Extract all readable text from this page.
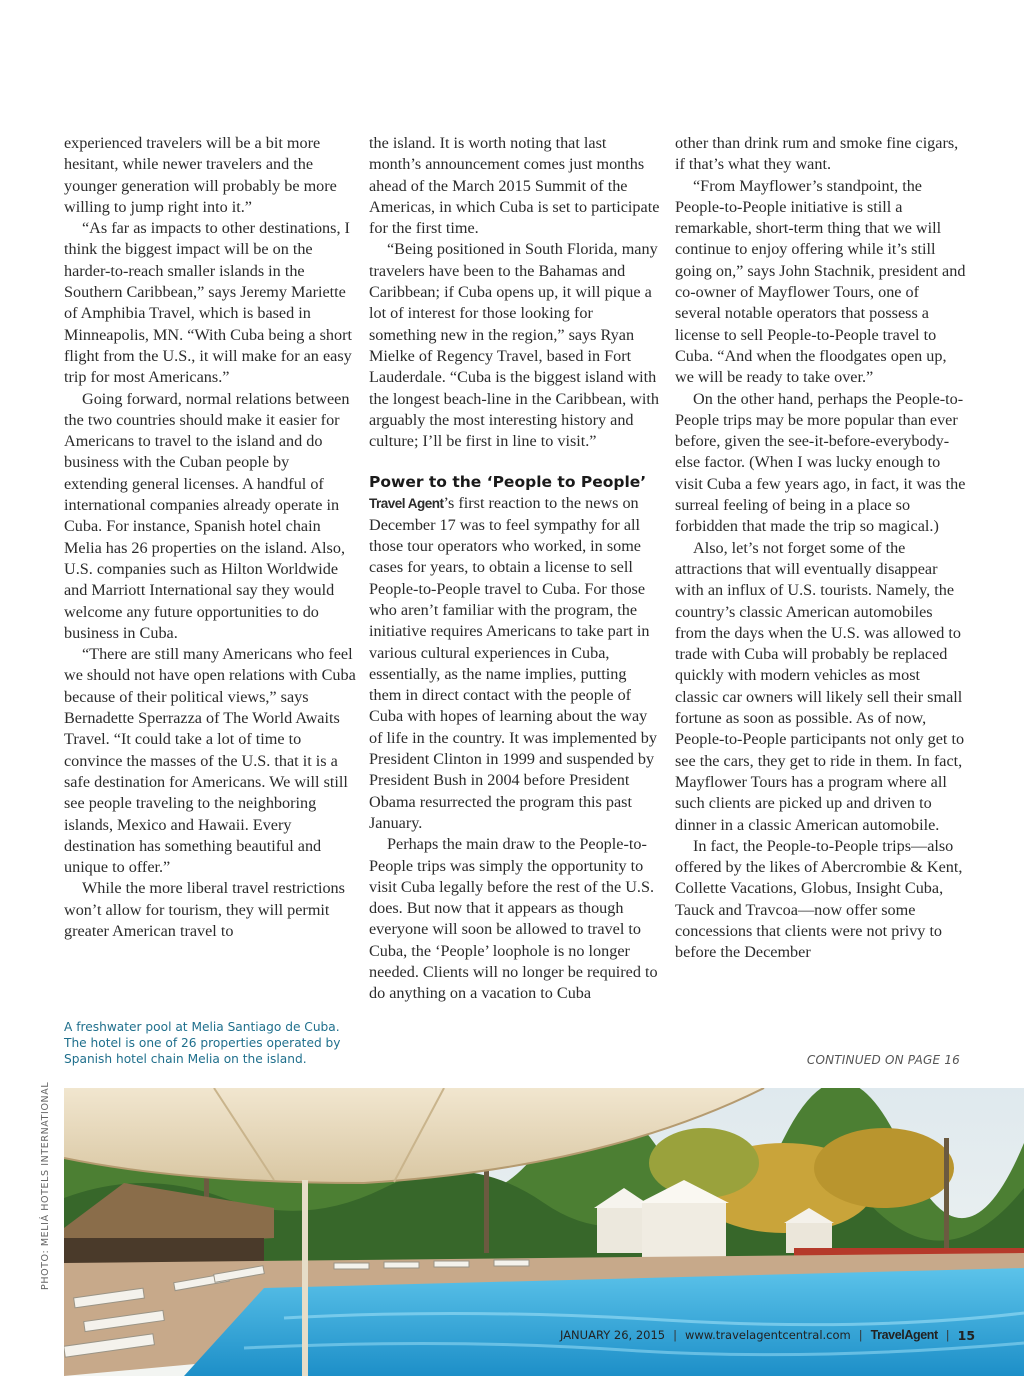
experienced travelers will be a bit more hesitant, while newer travelers and the younger generation will probably be more willing to jump right into it.”

“As far as impacts to other destinations, I think the biggest impact will be on the harder-to-reach smaller islands in the Southern Caribbean,” says Jeremy Mariette of Amphibia Travel, which is based in Minneapolis, MN. “With Cuba being a short flight from the U.S., it will make for an easy trip for most Americans.”

Going forward, normal relations between the two countries should make it easier for Americans to travel to the island and do business with the Cuban people by extending general licenses. A handful of international companies already operate in Cuba. For instance, Spanish hotel chain Melia has 26 properties on the island. Also, U.S. companies such as Hilton Worldwide and Marriott International say they would welcome any future opportunities to do business in Cuba.

“There are still many Americans who feel we should not have open relations with Cuba because of their political views,” says Bernadette Sperrazza of The World Awaits Travel. “It could take a lot of time to convince the masses of the U.S. that it is a safe destination for Americans. We will still see people traveling to the neighboring islands, Mexico and Hawaii. Every destination has something beautiful and unique to offer.”

While the more liberal travel restrictions won’t allow for tourism, they will permit greater American travel to

the island. It is worth noting that last month’s announcement comes just months ahead of the March 2015 Summit of the Americas, in which Cuba is set to participate for the first time.

“Being positioned in South Florida, many travelers have been to the Bahamas and Caribbean; if Cuba opens up, it will pique a lot of interest for those looking for something new in the region,” says Ryan Mielke of Regency Travel, based in Fort Lauderdale. “Cuba is the biggest island with the longest beach-line in the Caribbean, with arguably the most interesting history and culture; I’ll be first in line to visit.”

Power to the ‘People to People’

Travel Agent’s first reaction to the news on December 17 was to feel sympathy for all those tour operators who worked, in some cases for years, to obtain a license to sell People-to-People travel to Cuba. For those who aren’t familiar with the program, the initiative requires Americans to take part in various cultural experiences in Cuba, essentially, as the name implies, putting them in direct contact with the people of Cuba with hopes of learning about the way of life in the country. It was implemented by President Clinton in 1999 and suspended by President Bush in 2004 before President Obama resurrected the program this past January.

Perhaps the main draw to the People-to-People trips was simply the opportunity to visit Cuba legally before the rest of the U.S. does. But now that it appears as though everyone will soon be allowed to travel to Cuba, the ‘People’ loophole is no longer needed. Clients will no longer be required to do anything on a vacation to Cuba

other than drink rum and smoke fine cigars, if that’s what they want.

“From Mayflower’s standpoint, the People-to-People initiative is still a remarkable, short-term thing that we will continue to enjoy offering while it’s still going on,” says John Stachnik, president and co-owner of Mayflower Tours, one of several notable operators that possess a license to sell People-to-People travel to Cuba. “And when the floodgates open up, we will be ready to take over.”

On the other hand, perhaps the People-to-People trips may be more popular than ever before, given the see-it-before-everybody-else factor. (When I was lucky enough to visit Cuba a few years ago, in fact, it was the surreal feeling of being in a place so forbidden that made the trip so magical.)

Also, let’s not forget some of the attractions that will eventually disappear with an influx of U.S. tourists. Namely, the country’s classic American automobiles from the days when the U.S. was allowed to trade with Cuba will probably be replaced quickly with modern vehicles as most classic car owners will likely sell their small fortune as soon as possible. As of now, People-to-People participants not only get to see the cars, they get to ride in them. In fact, Mayflower Tours has a program where all such clients are picked up and driven to dinner in a classic American automobile.

In fact, the People-to-People trips—also offered by the likes of Abercrombie & Kent, Collette Vacations, Globus, Insight Cuba, Tauck and Travcoa—now offer some concessions that clients were not privy to before the December

A freshwater pool at Melia Santiago de Cuba. The hotel is one of 26 properties operated by Spanish hotel chain Melia on the island.	CONTINUED ON PAGE 16
PHOTO: MELIÁ HOTELS INTERNATIONAL
JANUARY 26, 2015 | www.travelagentcentral.com | TravelAgent | 15
